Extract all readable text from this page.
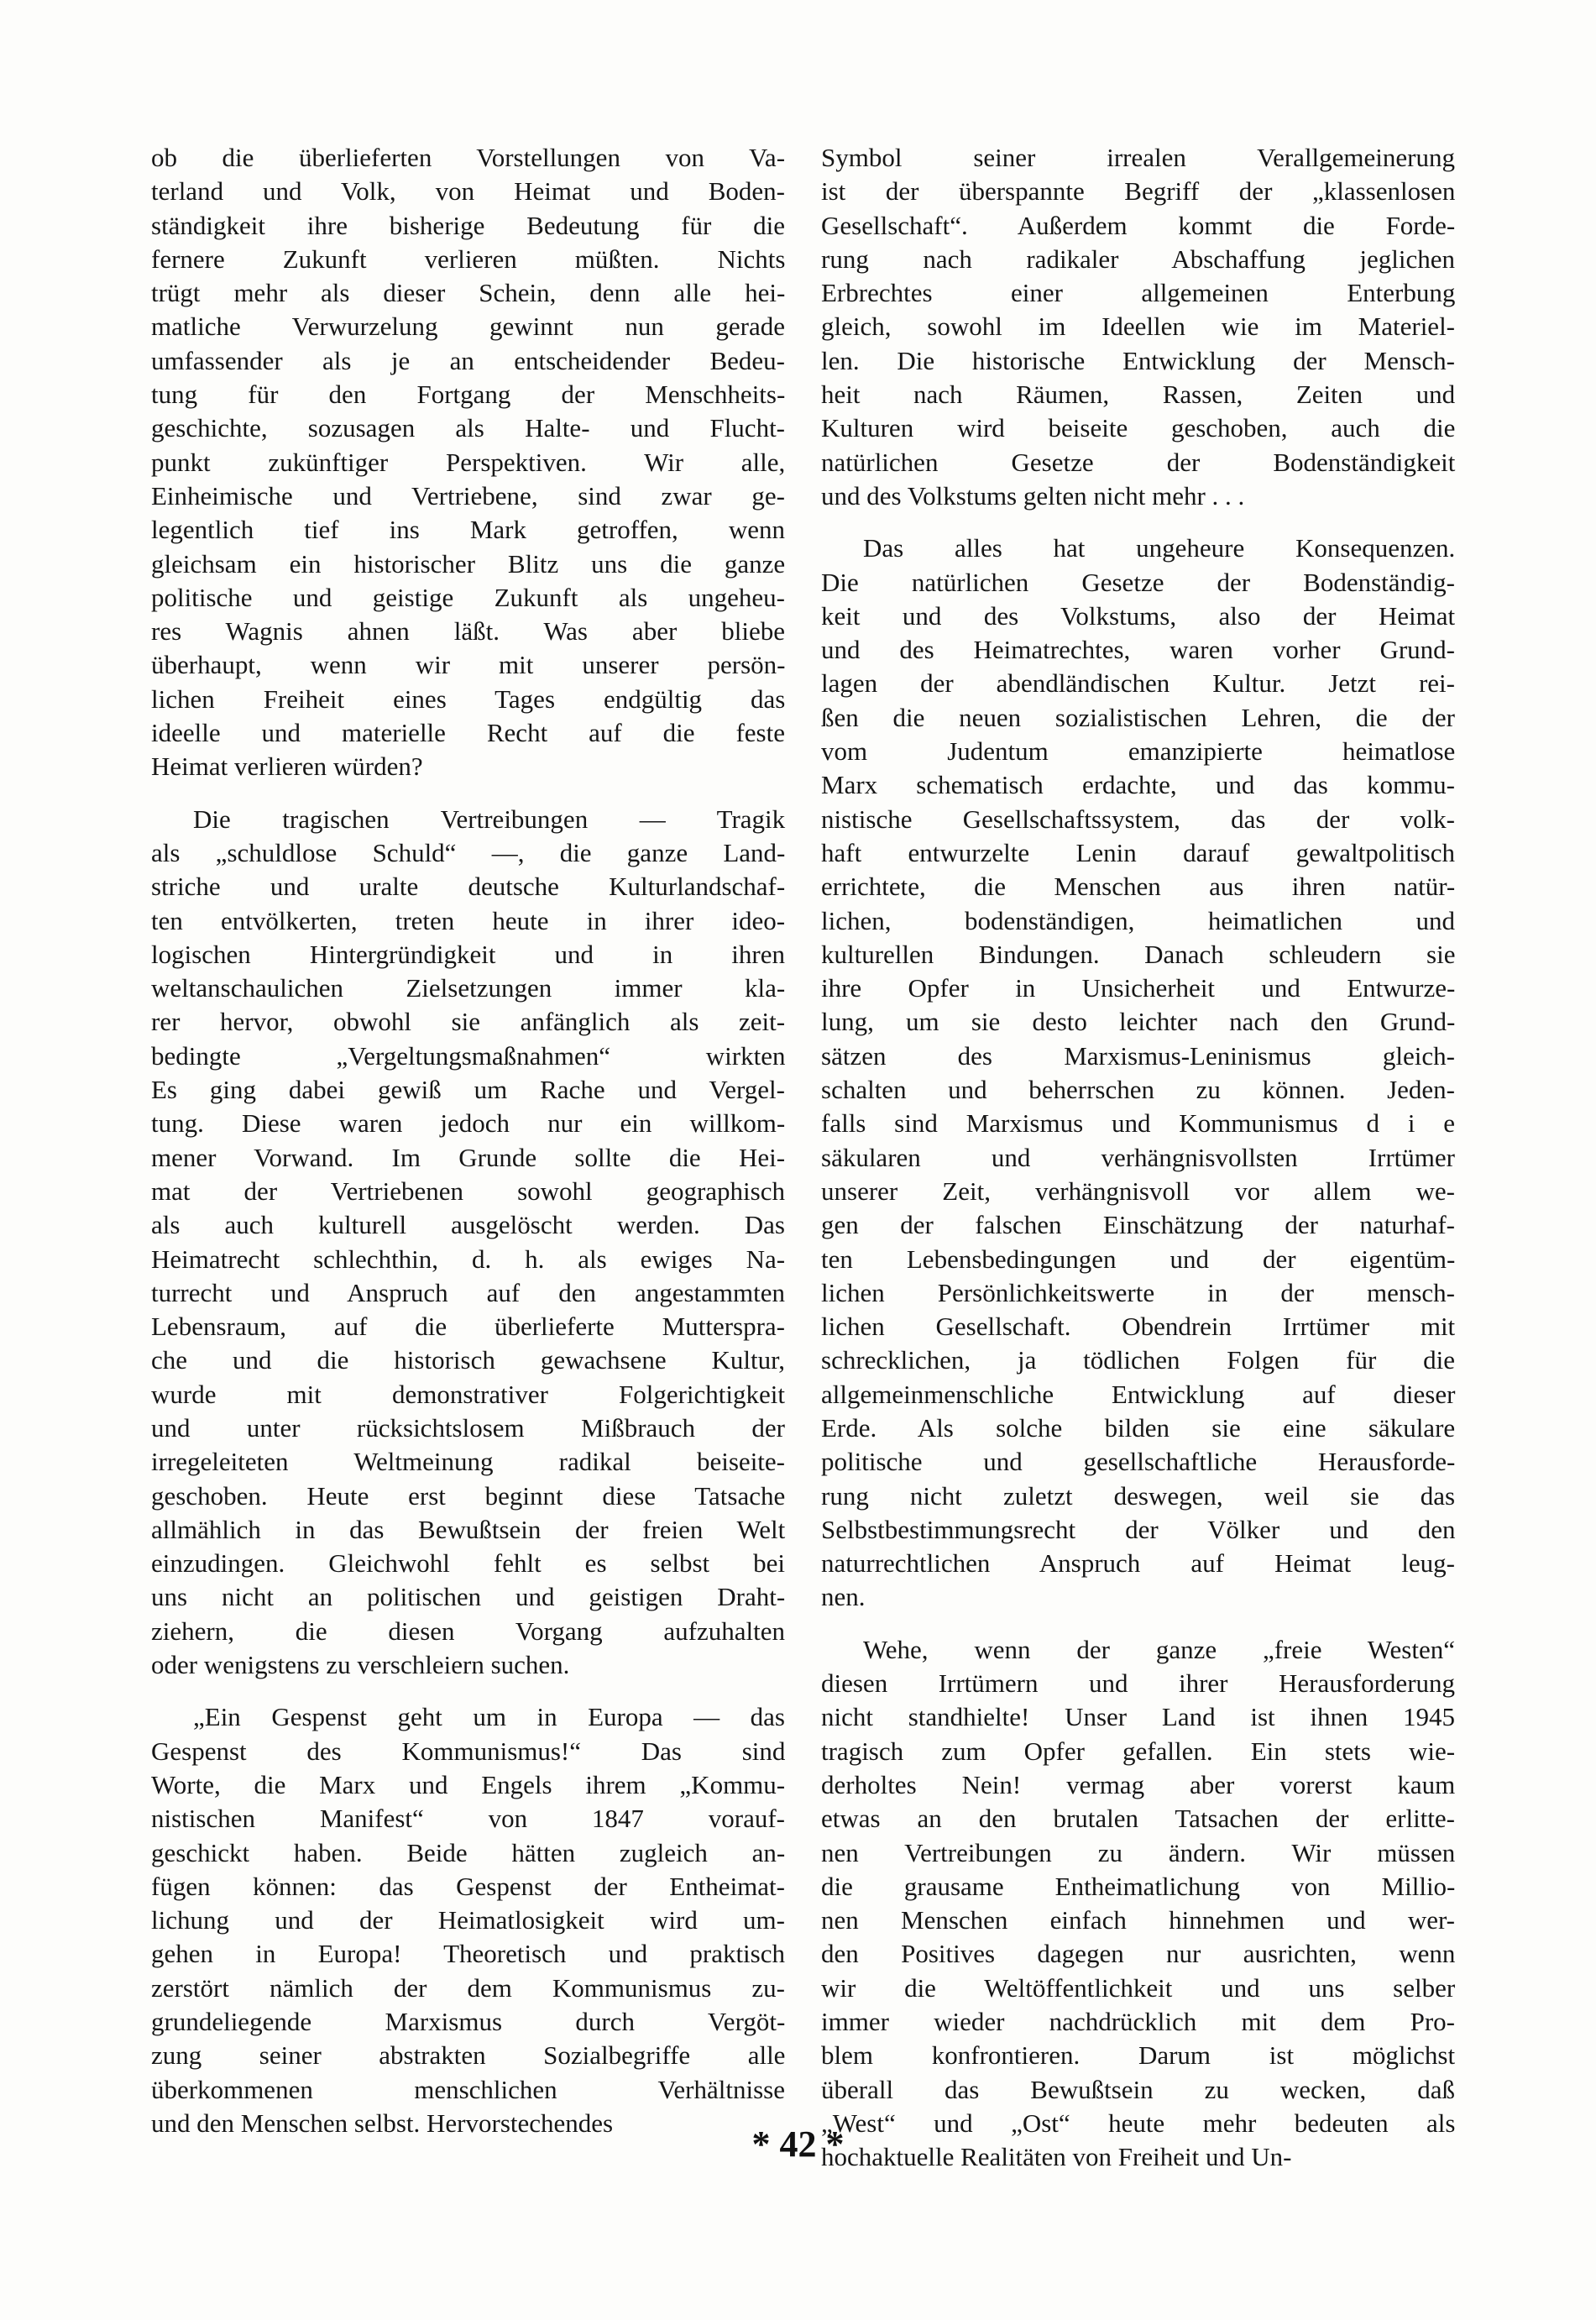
ob die überlieferten Vorstellungen von Va-
terland und Volk, von Heimat und Boden-
ständigkeit ihre bisherige Bedeutung für die
fernere Zukunft verlieren müßten. Nichts
trügt mehr als dieser Schein, denn alle hei-
matliche Verwurzelung gewinnt nun gerade
umfassender als je an entscheidender Bedeu-
tung für den Fortgang der Menschheits-
geschichte, sozusagen als Halte- und Flucht-
punkt zukünftiger Perspektiven. Wir alle,
Einheimische und Vertriebene, sind zwar ge-
legentlich tief ins Mark getroffen, wenn
gleichsam ein historischer Blitz uns die ganze
politische und geistige Zukunft als ungeheu-
res Wagnis ahnen läßt. Was aber bliebe
überhaupt, wenn wir mit unserer persön-
lichen Freiheit eines Tages endgültig das
ideelle und materielle Recht auf die feste
Heimat verlieren würden?

Die tragischen Vertreibungen — Tragik
als „schuldlose Schuld“ —, die ganze Land-
striche und uralte deutsche Kulturlandschaf-
ten entvölkerten, treten heute in ihrer ideo-
logischen Hintergründigkeit und in ihren
weltanschaulichen Zielsetzungen immer kla-
rer hervor, obwohl sie anfänglich als zeit-
bedingte „Vergeltungsmaßnahmen“ wirkten
Es ging dabei gewiß um Rache und Vergel-
tung. Diese waren jedoch nur ein willkom-
mener Vorwand. Im Grunde sollte die Hei-
mat der Vertriebenen sowohl geographisch
als auch kulturell ausgelöscht werden. Das
Heimatrecht schlechthin, d. h. als ewiges Na-
turrecht und Anspruch auf den angestammten
Lebensraum, auf die überlieferte Mutterspra-
che und die historisch gewachsene Kultur,
wurde mit demonstrativer Folgerichtigkeit
und unter rücksichtslosem Mißbrauch der
irregeleiteten Weltmeinung radikal beiseite-
geschoben. Heute erst beginnt diese Tatsache
allmählich in das Bewußtsein der freien Welt
einzudingen. Gleichwohl fehlt es selbst bei
uns nicht an politischen und geistigen Draht-
ziehern, die diesen Vorgang aufzuhalten
oder wenigstens zu verschleiern suchen.

„Ein Gespenst geht um in Europa — das
Gespenst des Kommunismus!“ Das sind
Worte, die Marx und Engels ihrem „Kommu-
nistischen Manifest“ von 1847 vorauf-
geschickt haben. Beide hätten zugleich an-
fügen können: das Gespenst der Entheimat-
lichung und der Heimatlosigkeit wird um-
gehen in Europa! Theoretisch und praktisch
zerstört nämlich der dem Kommunismus zu-
grundeliegende Marxismus durch Vergöt-
zung seiner abstrakten Sozialbegriffe alle
überkommenen menschlichen Verhältnisse
und den Menschen selbst. Hervorstechendes

Symbol seiner irrealen Verallgemeinerung
ist der überspannte Begriff der „klassenlosen
Gesellschaft“. Außerdem kommt die Forde-
rung nach radikaler Abschaffung jeglichen
Erbrechtes einer allgemeinen Enterbung
gleich, sowohl im Ideellen wie im Materiel-
len. Die historische Entwicklung der Mensch-
heit nach Räumen, Rassen, Zeiten und
Kulturen wird beiseite geschoben, auch die
natürlichen Gesetze der Bodenständigkeit
und des Volkstums gelten nicht mehr . . .

Das alles hat ungeheure Konsequenzen.
Die natürlichen Gesetze der Bodenständig-
keit und des Volkstums, also der Heimat
und des Heimatrechtes, waren vorher Grund-
lagen der abendländischen Kultur. Jetzt rei-
ßen die neuen sozialistischen Lehren, die der
vom Judentum emanzipierte heimatlose
Marx schematisch erdachte, und das kommu-
nistische Gesellschaftssystem, das der volk-
haft entwurzelte Lenin darauf gewaltpolitisch
errichtete, die Menschen aus ihren natür-
lichen, bodenständigen, heimatlichen und
kulturellen Bindungen. Danach schleudern sie
ihre Opfer in Unsicherheit und Entwurze-
lung, um sie desto leichter nach den Grund-
sätzen des Marxismus-Leninismus gleich-
schalten und beherrschen zu können. Jeden-
falls sind Marxismus und Kommunismus d i e
säkularen und verhängnisvollsten Irrtümer
unserer Zeit, verhängnisvoll vor allem we-
gen der falschen Einschätzung der naturhaf-
ten Lebensbedingungen und der eigentüm-
lichen Persönlichkeitswerte in der mensch-
lichen Gesellschaft. Obendrein Irrtümer mit
schrecklichen, ja tödlichen Folgen für die
allgemeinmenschliche Entwicklung auf dieser
Erde. Als solche bilden sie eine säkulare
politische und gesellschaftliche Herausforde-
rung nicht zuletzt deswegen, weil sie das
Selbstbestimmungsrecht der Völker und den
naturrechtlichen Anspruch auf Heimat leug-
nen.

Wehe, wenn der ganze „freie Westen“
diesen Irrtümern und ihrer Herausforderung
nicht standhielte! Unser Land ist ihnen 1945
tragisch zum Opfer gefallen. Ein stets wie-
derholtes Nein! vermag aber vorerst kaum
etwas an den brutalen Tatsachen der erlitte-
nen Vertreibungen zu ändern. Wir müssen
die grausame Entheimatlichung von Millio-
nen Menschen einfach hinnehmen und wer-
den Positives dagegen nur ausrichten, wenn
wir die Weltöffentlichkeit und uns selber
immer wieder nachdrücklich mit dem Pro-
blem konfrontieren. Darum ist möglichst
überall das Bewußtsein zu wecken, daß
„West“ und „Ost“ heute mehr bedeuten als
hochaktuelle Realitäten von Freiheit und Un-

* 42 *
